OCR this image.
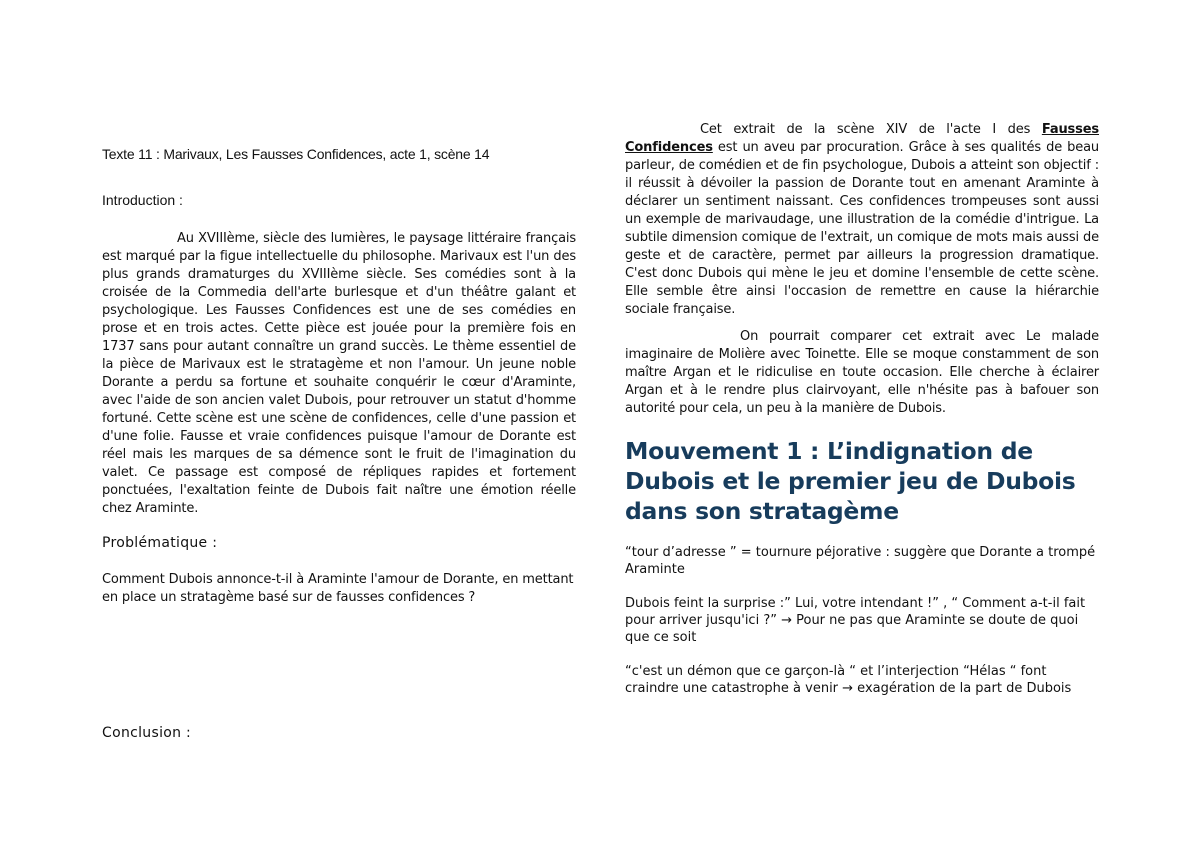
Texte 11 : Marivaux, Les Fausses Confidences, acte 1, scène 14

Introduction :

Au XVIIIème, siècle des lumières, le paysage littéraire français est marqué par la figue intellectuelle du philosophe. Marivaux est l'un des plus grands dramaturges du XVIIIème siècle. Ses comédies sont à la croisée de la Commedia dell'arte burlesque et d'un théâtre galant et psychologique. Les Fausses Confidences est une de ses comédies en prose et en trois actes. Cette pièce est jouée pour la première fois en 1737 sans pour autant connaître un grand succès. Le thème essentiel de la pièce de Marivaux est le stratagème et non l'amour. Un jeune noble Dorante a perdu sa fortune et souhaite conquérir le cœur d'Araminte, avec l'aide de son ancien valet Dubois, pour retrouver un statut d'homme fortuné. Cette scène est une scène de confidences, celle d'une passion et d'une folie. Fausse et vraie confidences puisque l'amour de Dorante est réel mais les marques de sa démence sont le fruit de l'imagination du valet. Ce passage est composé de répliques rapides et fortement ponctuées, l'exaltation feinte de Dubois fait naître une émotion réelle chez Araminte.

Problématique :

Comment Dubois annonce-t-il à Araminte l'amour de Dorante, en mettant en place un stratagème basé sur de fausses confidences ?

Conclusion :

Cet extrait de la scène XIV de l'acte I des Fausses Confidences est un aveu par procuration. Grâce à ses qualités de beau parleur, de comédien et de fin psychologue, Dubois a atteint son objectif : il réussit à dévoiler la passion de Dorante tout en amenant Araminte à déclarer un sentiment naissant. Ces confidences trompeuses sont aussi un exemple de marivaudage, une illustration de la comédie d'intrigue. La subtile dimension comique de l'extrait, un comique de mots mais aussi de geste et de caractère, permet par ailleurs la progression dramatique. C'est donc Dubois qui mène le jeu et domine l'ensemble de cette scène. Elle semble être ainsi l'occasion de remettre en cause la hiérarchie sociale française.

On pourrait comparer cet extrait avec Le malade imaginaire de Molière avec Toinette. Elle se moque constamment de son maître Argan et le ridiculise en toute occasion. Elle cherche à éclairer Argan et à le rendre plus clairvoyant, elle n'hésite pas à bafouer son autorité pour cela, un peu à la manière de Dubois.

Mouvement 1 : L’indignation de Dubois et le premier jeu de Dubois dans son stratagème

“tour d’adresse ” = tournure péjorative : suggère que Dorante a trompé Araminte

Dubois feint la surprise :” Lui, votre intendant !” , “ Comment a-t-il fait pour arriver jusqu'ici ?” → Pour ne pas que Araminte se doute de quoi que ce soit

“c'est un démon que ce garçon-là “ et l’interjection “Hélas “ font craindre une catastrophe à venir → exagération de la part de Dubois
